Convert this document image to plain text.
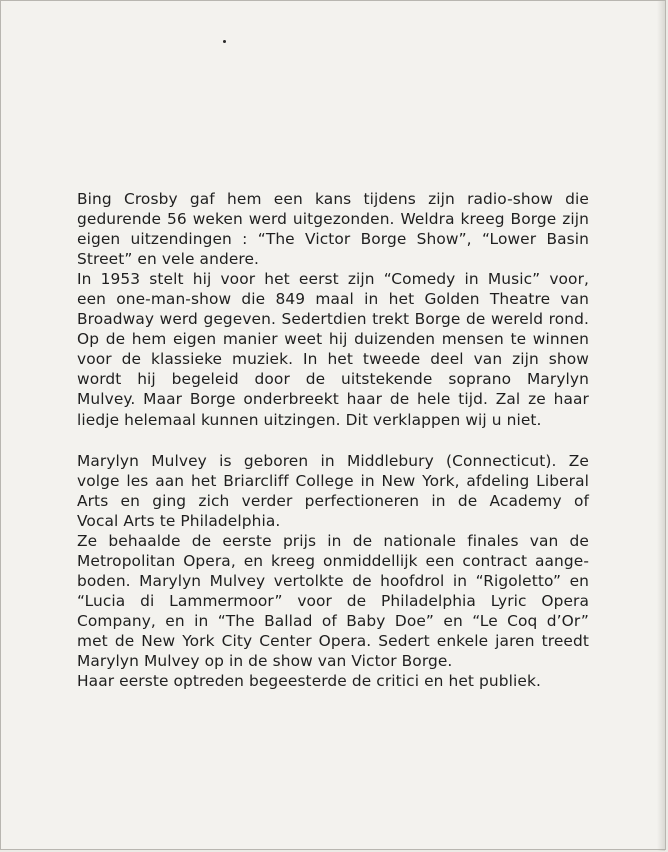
Bing Crosby gaf hem een kans tijdens zijn radio-show die
gedurende 56 weken werd uitgezonden. Weldra kreeg Borge zijn
eigen uitzendingen : “The Victor Borge Show”, “Lower Basin
Street” en vele andere.
In 1953 stelt hij voor het eerst zijn “Comedy in Music” voor,
een one-man-show die 849 maal in het Golden Theatre van
Broadway werd gegeven. Sedertdien trekt Borge de wereld rond.
Op de hem eigen manier weet hij duizenden mensen te winnen
voor de klassieke muziek. In het tweede deel van zijn show
wordt hij begeleid door de uitstekende soprano Marylyn
Mulvey. Maar Borge onderbreekt haar de hele tijd. Zal ze haar
liedje helemaal kunnen uitzingen. Dit verklappen wij u niet.
Marylyn Mulvey is geboren in Middlebury (Connecticut). Ze
volge les aan het Briarcliff College in New York, afdeling Liberal
Arts en ging zich verder perfectioneren in de Academy of
Vocal Arts te Philadelphia.
Ze behaalde de eerste prijs in de nationale finales van de
Metropolitan Opera, en kreeg onmiddellijk een contract aange-
boden. Marylyn Mulvey vertolkte de hoofdrol in “Rigoletto” en
“Lucia di Lammermoor” voor de Philadelphia Lyric Opera
Company, en in “The Ballad of Baby Doe” en “Le Coq d’Or”
met de New York City Center Opera. Sedert enkele jaren treedt
Marylyn Mulvey op in de show van Victor Borge.
Haar eerste optreden begeesterde de critici en het publiek.
